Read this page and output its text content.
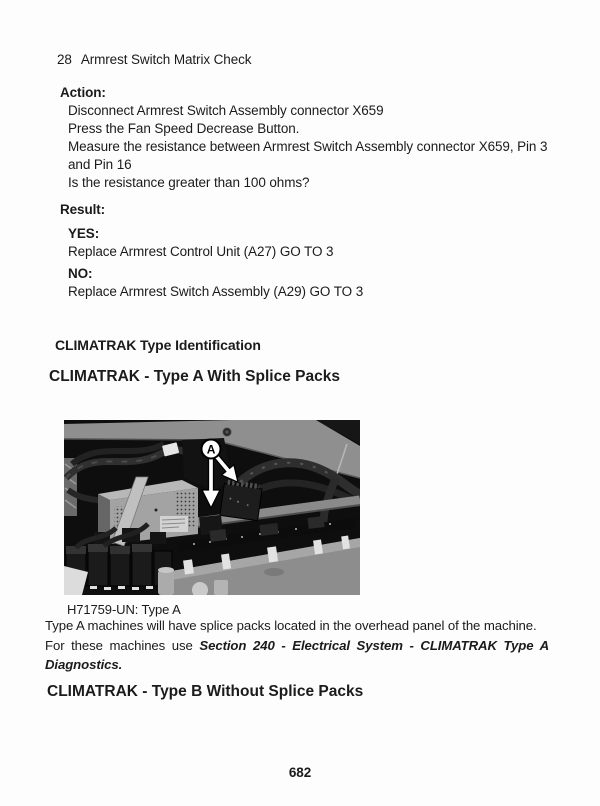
28 Armrest Switch Matrix Check
Action:
Disconnect Armrest Switch Assembly connector X659
Press the Fan Speed Decrease Button.
Measure the resistance between Armrest Switch Assembly connector X659, Pin 3
and Pin 16
Is the resistance greater than 100 ohms?
Result:
YES:
Replace Armrest Control Unit (A27) GO TO 3
NO:
Replace Armrest Switch Assembly (A29) GO TO 3
CLIMATRAK Type Identification
CLIMATRAK - Type A With Splice Packs
A
H71759-UN: Type A
Type A machines will have splice packs located in the overhead panel of the machine.
For these machines use Section 240 - Electrical System - CLIMATRAK Type A
Diagnostics.
CLIMATRAK - Type B Without Splice Packs
682
